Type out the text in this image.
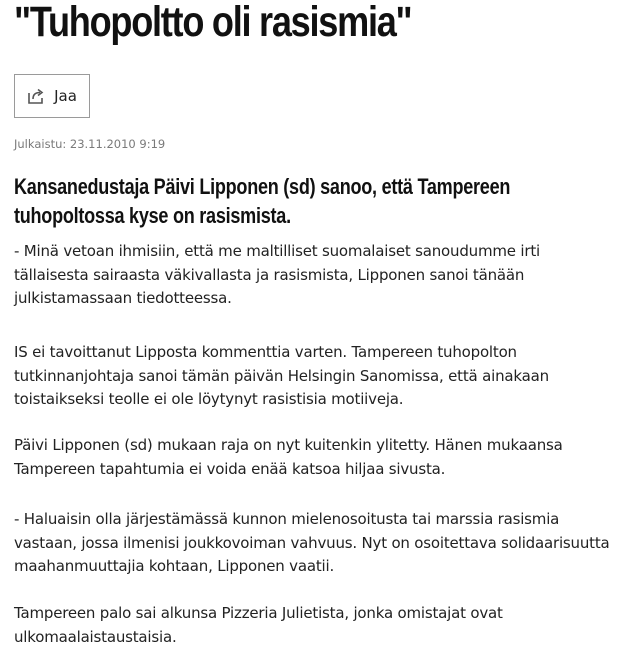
"Tuhopoltto oli rasismia"
Jaa
Julkaistu: 23.11.2010 9:19

Kansanedustaja Päivi Lipponen (sd) sanoo, että Tampereen
tuhopoltossa kyse on rasismista.

- Minä vetoan ihmisiin, että me maltilliset suomalaiset sanoudumme irti
tällaisesta sairaasta väkivallasta ja rasismista, Lipponen sanoi tänään
julkistamassaan tiedotteessa.

IS ei tavoittanut Lipposta kommenttia varten. Tampereen tuhopolton
tutkinnanjohtaja sanoi tämän päivän Helsingin Sanomissa, että ainakaan
toistaikseksi teolle ei ole löytynyt rasistisia motiiveja.

Päivi Lipponen (sd) mukaan raja on nyt kuitenkin ylitetty. Hänen mukaansa
Tampereen tapahtumia ei voida enää katsoa hiljaa sivusta.

- Haluaisin olla järjestämässä kunnon mielenosoitusta tai marssia rasismia
vastaan, jossa ilmenisi joukkovoiman vahvuus. Nyt on osoitettava solidaarisuutta
maahanmuuttajia kohtaan, Lipponen vaatii.

Tampereen palo sai alkunsa Pizzeria Julietista, jonka omistajat ovat
ulkomaalaistaustaisia.
